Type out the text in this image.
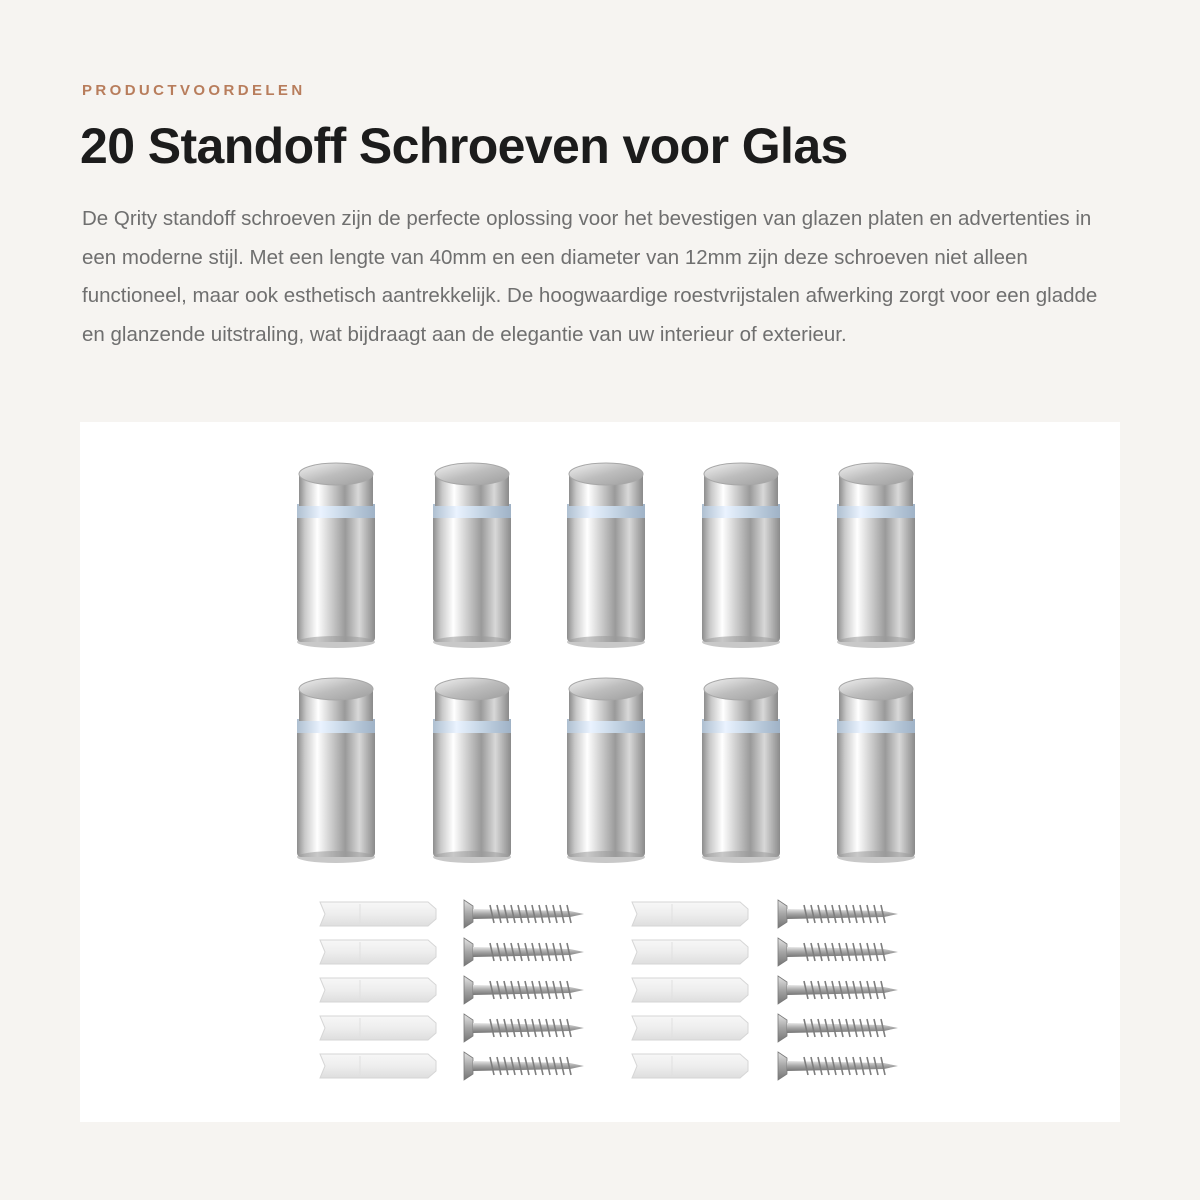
PRODUCTVOORDELEN
20 Standoff Schroeven voor Glas

De Qrity standoff schroeven zijn de perfecte oplossing voor het bevestigen van glazen platen en advertenties in een moderne stijl. Met een lengte van 40mm en een diameter van 12mm zijn deze schroeven niet alleen functioneel, maar ook esthetisch aantrekkelijk. De hoogwaardige roestvrijstalen afwerking zorgt voor een gladde en glanzende uitstraling, wat bijdraagt aan de elegantie van uw interieur of exterieur.
